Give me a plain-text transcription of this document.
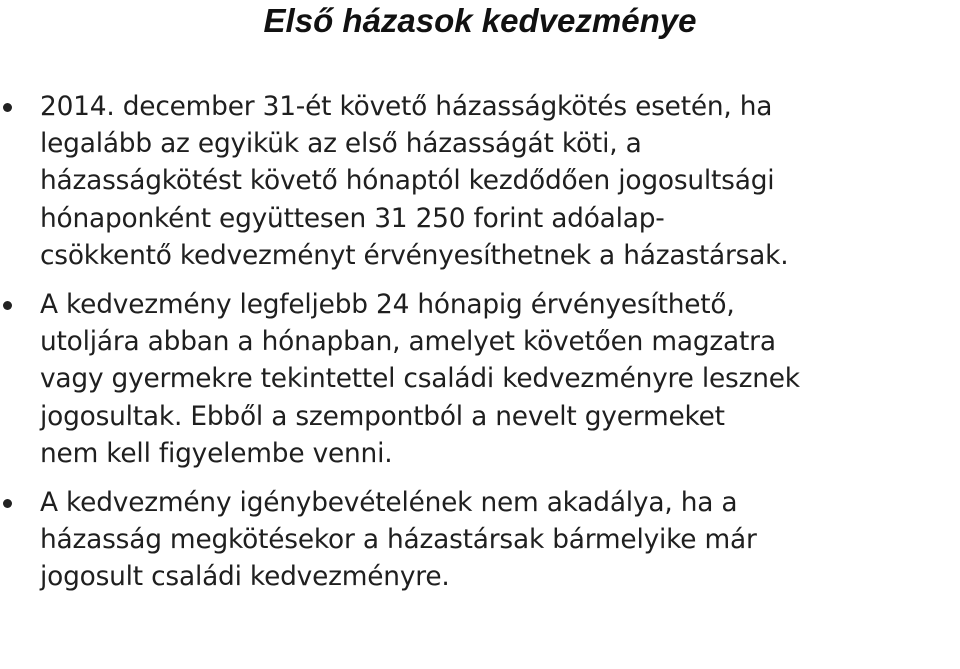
Első házasok kedvezménye
2014. december 31-ét követő házasságkötés esetén, ha
legalább az egyikük az első házasságát köti, a
házasságkötést követő hónaptól kezdődően jogosultsági
hónaponként együttesen 31 250 forint adóalap-
csökkentő kedvezményt érvényesíthetnek a házastársak.
A kedvezmény legfeljebb 24 hónapig érvényesíthető,
utoljára abban a hónapban, amelyet követően magzatra
vagy gyermekre tekintettel családi kedvezményre lesznek
jogosultak. Ebből a szempontból a nevelt gyermeket
nem kell figyelembe venni.
A kedvezmény igénybevételének nem akadálya, ha a
házasság megkötésekor a házastársak bármelyike már
jogosult családi kedvezményre.
